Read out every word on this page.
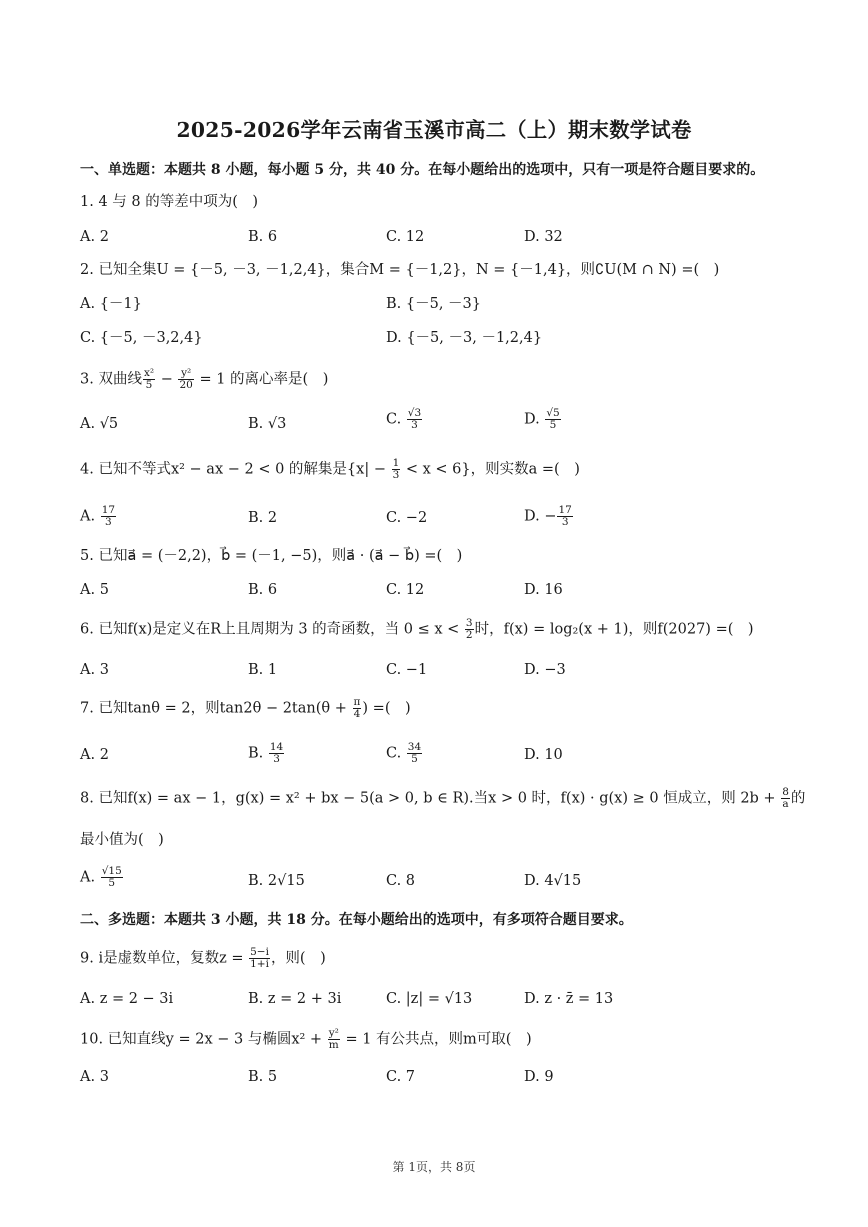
2025-2026学年云南省玉溪市高二（上）期末数学试卷
一、单选题：本题共 8 小题，每小题 5 分，共 40 分。在每小题给出的选项中，只有一项是符合题目要求的。
1. 4 与 8 的等差中项为(　)
A. 2	B. 6	C. 12	D. 32
2. 已知全集U = {－5, －3, －1,2,4}，集合M = {－1,2}，N = {－1,4}，则∁U(M ∩ N) =(　)
A. {－1}	B. {－5, －3}
C. {－5, －3,2,4}	D. {－5, －3, －1,2,4}
3. 双曲线 $\frac{\text{x²}}{5} - \frac{\text{y²}}{20} = 1$ 的离心率是(　)
A. √5	B. √3	C. $\frac{√3}{3}$	D. $\frac{√5}{5}$
4. 已知不等式x² − ax − 2 < 0 的解集是$\{x| - \frac{1}{3} < x < 6\}$，则实数a =(　)
A. $\frac{17}{3}$	B. 2	C. −2	D. − $\frac{17}{3}$
5. 已知a⃗ = (－2,2)，b⃗ = (－1, −5)，则a⃗ · (a⃗ − b⃗) =(　)
A. 5	B. 6	C. 12	D. 16
6. 已知f(x)是定义在R上且周期为 3 的奇函数，当 $0 \le x < \frac{3}{2}$ 时，f(x) = log₂(x + 1)，则f(2027) =(　)
A. 3	B. 1	C. −1	D. −3
7. 已知tanθ = 2，则$\tan 2\theta - 2\tan(\theta + \frac{\pi}{4}$ ) =(　)
A. 2	B. $\frac{14}{3}$	C. $\frac{34}{5}$	D. 10
8. 已知f(x) = ax − 1，g(x) = x² + bx − 5(a > 0, b ∈ R).当x > 0 时，f(x) · g(x) ≥ 0 恒成立，则 $2b + \frac{8}{a}$ 的
最小值为(　)
A. $\frac{√15}{5}$	B. 2√15	C. 8	D. 4√15
二、多选题：本题共 3 小题，共 18 分。在每小题给出的选项中，有多项符合题目要求。
9. i是虚数单位，复数$z = \frac{5-i}{1+i}$ ，则(　)
A. z = 2 − 3i	B. z = 2 + 3i	C. |z| = √13	D. z · z̄ = 13
10. 已知直线y = 2x − 3 与椭圆$x^2 + \frac{\text{y²}}{m} = 1$ 有公共点，则m可取(　)
A. 3	B. 5	C. 7	D. 9
第 1页，共 8页
